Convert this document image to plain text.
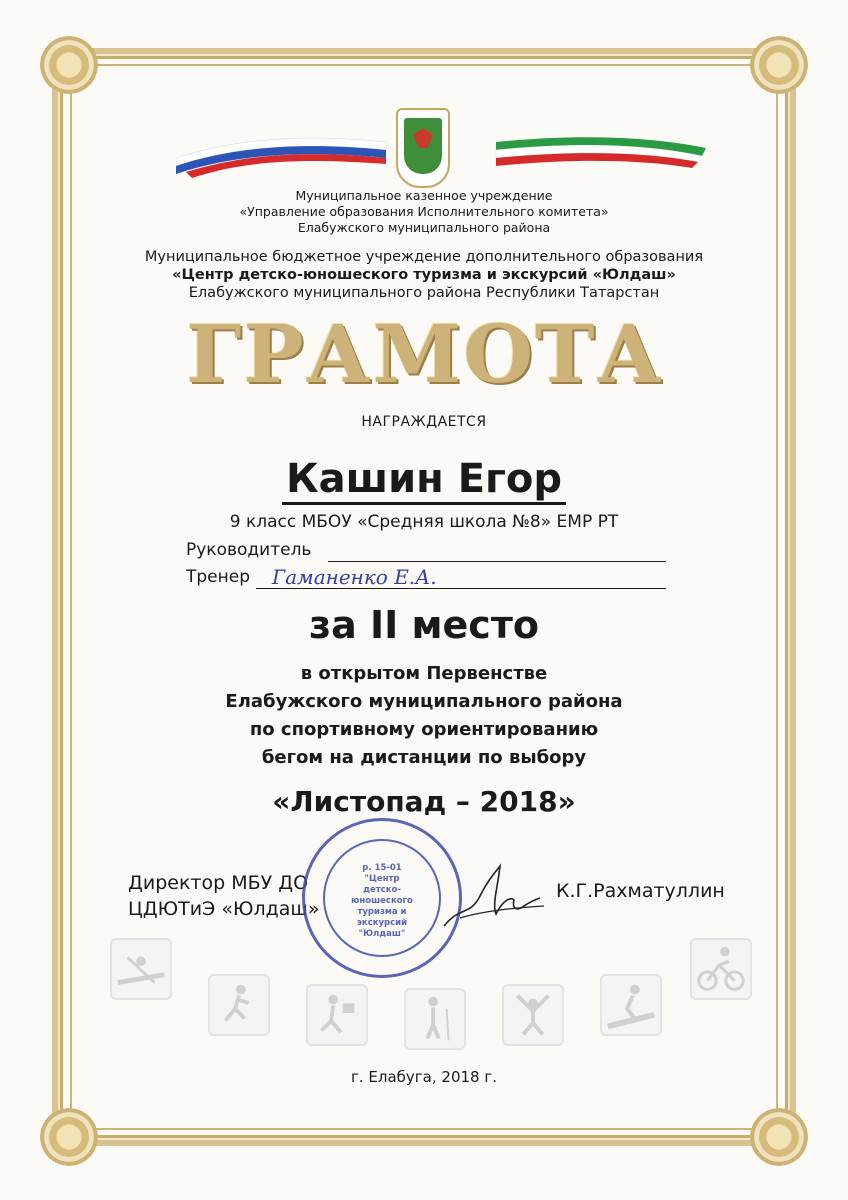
Муниципальное казенное учреждение
«Управление образования Исполнительного комитета»
Елабужского муниципального района
Муниципальное бюджетное учреждение дополнительного образования
«Центр детско-юношеского туризма и экскурсий «Юлдаш»
Елабужского муниципального района Республики Татарстан
ГРАМОТА
НАГРАЖДАЕТСЯ
Кашин Егор
9 класс МБОУ «Средняя школа №8» ЕМР РТ
Руководитель
Тренер Гаманенко Е.А.
за II место
в открытом Первенстве
Елабужского муниципального района
по спортивному ориентированию
бегом на дистанции по выбору
«Листопад – 2018»
Директор МБУ ДО
ЦДЮТиЭ «Юлдаш»
р. 15-01
"Центр
детско-юношеского
туризма и экскурсий
"Юлдаш"
К.Г.Рахматуллин
г. Елабуга, 2018 г.
